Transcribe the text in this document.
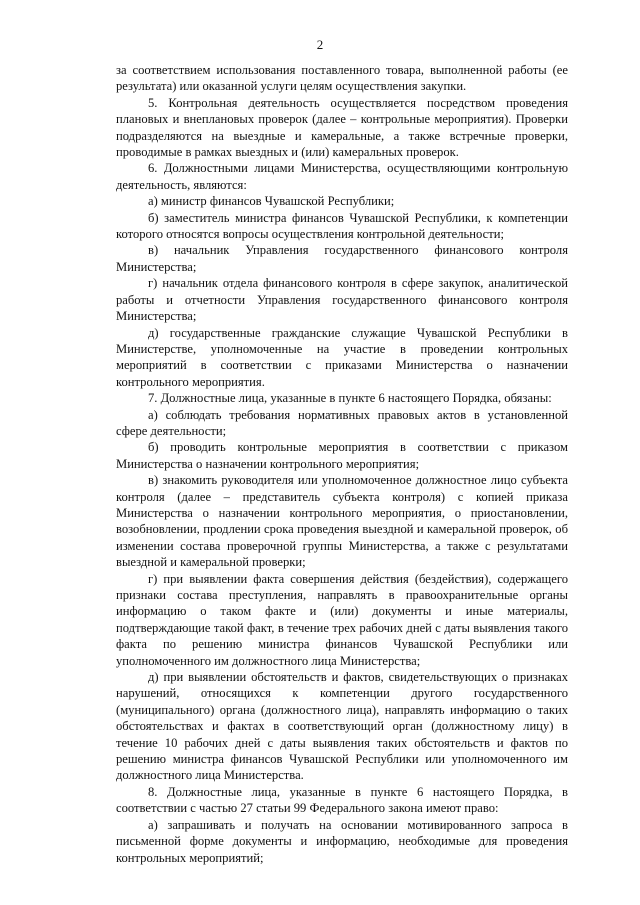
2

за соответствием использования поставленного товара, выполненной работы (ее результата) или оказанной услуги целям осуществления закупки.

5. Контрольная деятельность осуществляется посредством проведения плановых и внеплановых проверок (далее – контрольные мероприятия). Проверки подразделяются на выездные и камеральные, а также встречные проверки, проводимые в рамках выездных и (или) камеральных проверок.

6. Должностными лицами Министерства, осуществляющими контрольную деятельность, являются:

а) министр финансов Чувашской Республики;

б) заместитель министра финансов Чувашской Республики, к компетенции которого относятся вопросы осуществления контрольной деятельности;

в) начальник Управления государственного финансового контроля Министерства;

г) начальник отдела финансового контроля в сфере закупок, аналитической работы и отчетности Управления государственного финансового контроля Министерства;

д) государственные гражданские служащие Чувашской Республики в Министерстве, уполномоченные на участие в проведении контрольных мероприятий в соответствии с приказами Министерства о назначении контрольного мероприятия.

7. Должностные лица, указанные в пункте 6 настоящего Порядка, обязаны:

а) соблюдать требования нормативных правовых актов в установленной сфере деятельности;

б) проводить контрольные мероприятия в соответствии с приказом Министерства о назначении контрольного мероприятия;

в) знакомить руководителя или уполномоченное должностное лицо субъекта контроля (далее – представитель субъекта контроля) с копией приказа Министерства о назначении контрольного мероприятия, о приостановлении, возобновлении, продлении срока проведения выездной и камеральной проверок, об изменении состава проверочной группы Министерства, а также с результатами выездной и камеральной проверки;

г) при выявлении факта совершения действия (бездействия), содержащего признаки состава преступления, направлять в правоохранительные органы информацию о таком факте и (или) документы и иные материалы, подтверждающие такой факт, в течение трех рабочих дней с даты выявления такого факта по решению министра финансов Чувашской Республики или уполномоченного им должностного лица Министерства;

д) при выявлении обстоятельств и фактов, свидетельствующих о признаках нарушений, относящихся к компетенции другого государственного (муниципального) органа (должностного лица), направлять информацию о таких обстоятельствах и фактах в соответствующий орган (должностному лицу) в течение 10 рабочих дней с даты выявления таких обстоятельств и фактов по решению министра финансов Чувашской Республики или уполномоченного им должностного лица Министерства.

8. Должностные лица, указанные в пункте 6 настоящего Порядка, в соответствии с частью 27 статьи 99 Федерального закона имеют право:

а) запрашивать и получать на основании мотивированного запроса в письменной форме документы и информацию, необходимые для проведения контрольных мероприятий;
